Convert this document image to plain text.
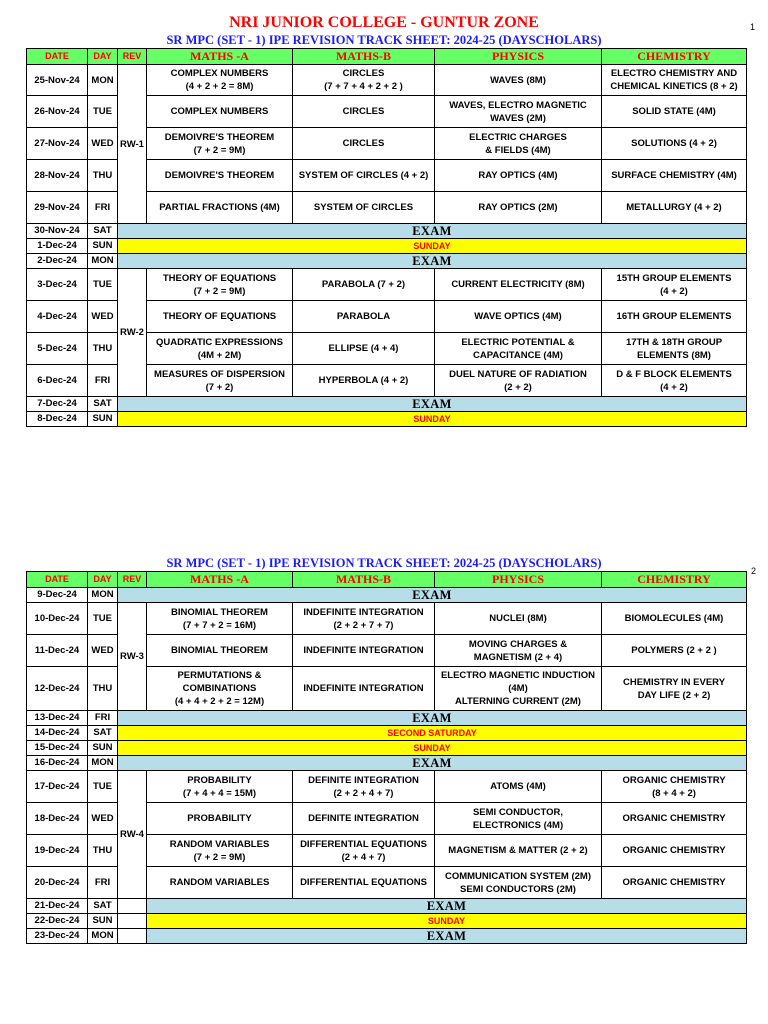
NRI JUNIOR COLLEGE - GUNTUR ZONE	1
SR MPC (SET - 1) IPE REVISION TRACK SHEET: 2024-25 (DAYSCHOLARS)
DATE	DAY	REV	MATHS -A	MATHS-B	PHYSICS	CHEMISTRY
25-Nov-24	MON	RW-1	COMPLEX NUMBERS
(4 + 2 + 2 = 8M)	CIRCLES
(7 + 7 + 4 + 2 + 2 )	WAVES (8M)	ELECTRO CHEMISTRY AND
CHEMICAL KINETICS (8 + 2)
26-Nov-24	TUE		COMPLEX NUMBERS	CIRCLES	WAVES, ELECTRO MAGNETIC
WAVES (2M)	SOLID STATE (4M)
27-Nov-24	WED		DEMOIVRE'S THEOREM
(7 + 2 = 9M)	CIRCLES	ELECTRIC CHARGES
& FIELDS (4M)	SOLUTIONS (4 + 2)
28-Nov-24	THU		DEMOIVRE'S THEOREM	SYSTEM OF CIRCLES (4 + 2)	RAY OPTICS (4M)	SURFACE CHEMISTRY (4M)
29-Nov-24	FRI		PARTIAL FRACTIONS (4M)	SYSTEM OF CIRCLES	RAY OPTICS (2M)	METALLURGY (4 + 2)
30-Nov-24	SAT	EXAM				
1-Dec-24	SUN	SUNDAY				
2-Dec-24	MON	EXAM				
3-Dec-24	TUE	RW-2	THEORY OF EQUATIONS
(7 + 2 = 9M)	PARABOLA (7 + 2)	CURRENT ELECTRICITY (8M)	15TH GROUP ELEMENTS
(4 + 2)
4-Dec-24	WED		THEORY OF EQUATIONS	PARABOLA	WAVE OPTICS (4M)	16TH GROUP ELEMENTS
5-Dec-24	THU		QUADRATIC EXPRESSIONS
(4M + 2M)	ELLIPSE (4 + 4)	ELECTRIC POTENTIAL &
CAPACITANCE (4M)	17TH & 18TH GROUP
ELEMENTS (8M)
6-Dec-24	FRI		MEASURES OF DISPERSION
(7 + 2)	HYPERBOLA (4 + 2)	DUEL NATURE OF RADIATION
(2 + 2)	D & F BLOCK ELEMENTS
(4 + 2)
7-Dec-24	SAT	EXAM				
8-Dec-24	SUN	SUNDAY				
SR MPC (SET - 1) IPE REVISION TRACK SHEET: 2024-25 (DAYSCHOLARS)
2
DATE	DAY	REV	MATHS -A	MATHS-B	PHYSICS	CHEMISTRY
9-Dec-24	MON	EXAM				
10-Dec-24	TUE	RW-3	BINOMIAL THEOREM
(7 + 7 + 2 = 16M)	INDEFINITE INTEGRATION
(2 + 2 + 7 + 7)	NUCLEI (8M)	BIOMOLECULES (4M)
11-Dec-24	WED		BINOMIAL THEOREM	INDEFINITE INTEGRATION	MOVING CHARGES &
MAGNETISM (2 + 4)	POLYMERS (2 + 2 )
12-Dec-24	THU		PERMUTATIONS &
COMBINATIONS
(4 + 4 + 2 + 2 = 12M)	INDEFINITE INTEGRATION	ELECTRO MAGNETIC INDUCTION
(4M)
ALTERNING CURRENT (2M)	CHEMISTRY IN EVERY
DAY LIFE (2 + 2)
13-Dec-24	FRI	EXAM				
14-Dec-24	SAT	SECOND SATURDAY				
15-Dec-24	SUN	SUNDAY				
16-Dec-24	MON	EXAM				
17-Dec-24	TUE	RW-4	PROBABILITY
(7 + 4 + 4 = 15M)	DEFINITE INTEGRATION
(2 + 2 + 4 + 7)	ATOMS (4M)	ORGANIC CHEMISTRY
(8 + 4 + 2)
18-Dec-24	WED		PROBABILITY	DEFINITE INTEGRATION	SEMI CONDUCTOR,
ELECTRONICS (4M)	ORGANIC CHEMISTRY
19-Dec-24	THU		RANDOM VARIABLES
(7 + 2 = 9M)	DIFFERENTIAL EQUATIONS
(2 + 4 + 7)	MAGNETISM & MATTER (2 + 2)	ORGANIC CHEMISTRY
20-Dec-24	FRI		RANDOM VARIABLES	DIFFERENTIAL EQUATIONS	COMMUNICATION SYSTEM (2M)
SEMI CONDUCTORS (2M)	ORGANIC CHEMISTRY
21-Dec-24	SAT		EXAM			
22-Dec-24	SUN		SUNDAY			
23-Dec-24	MON		EXAM			
